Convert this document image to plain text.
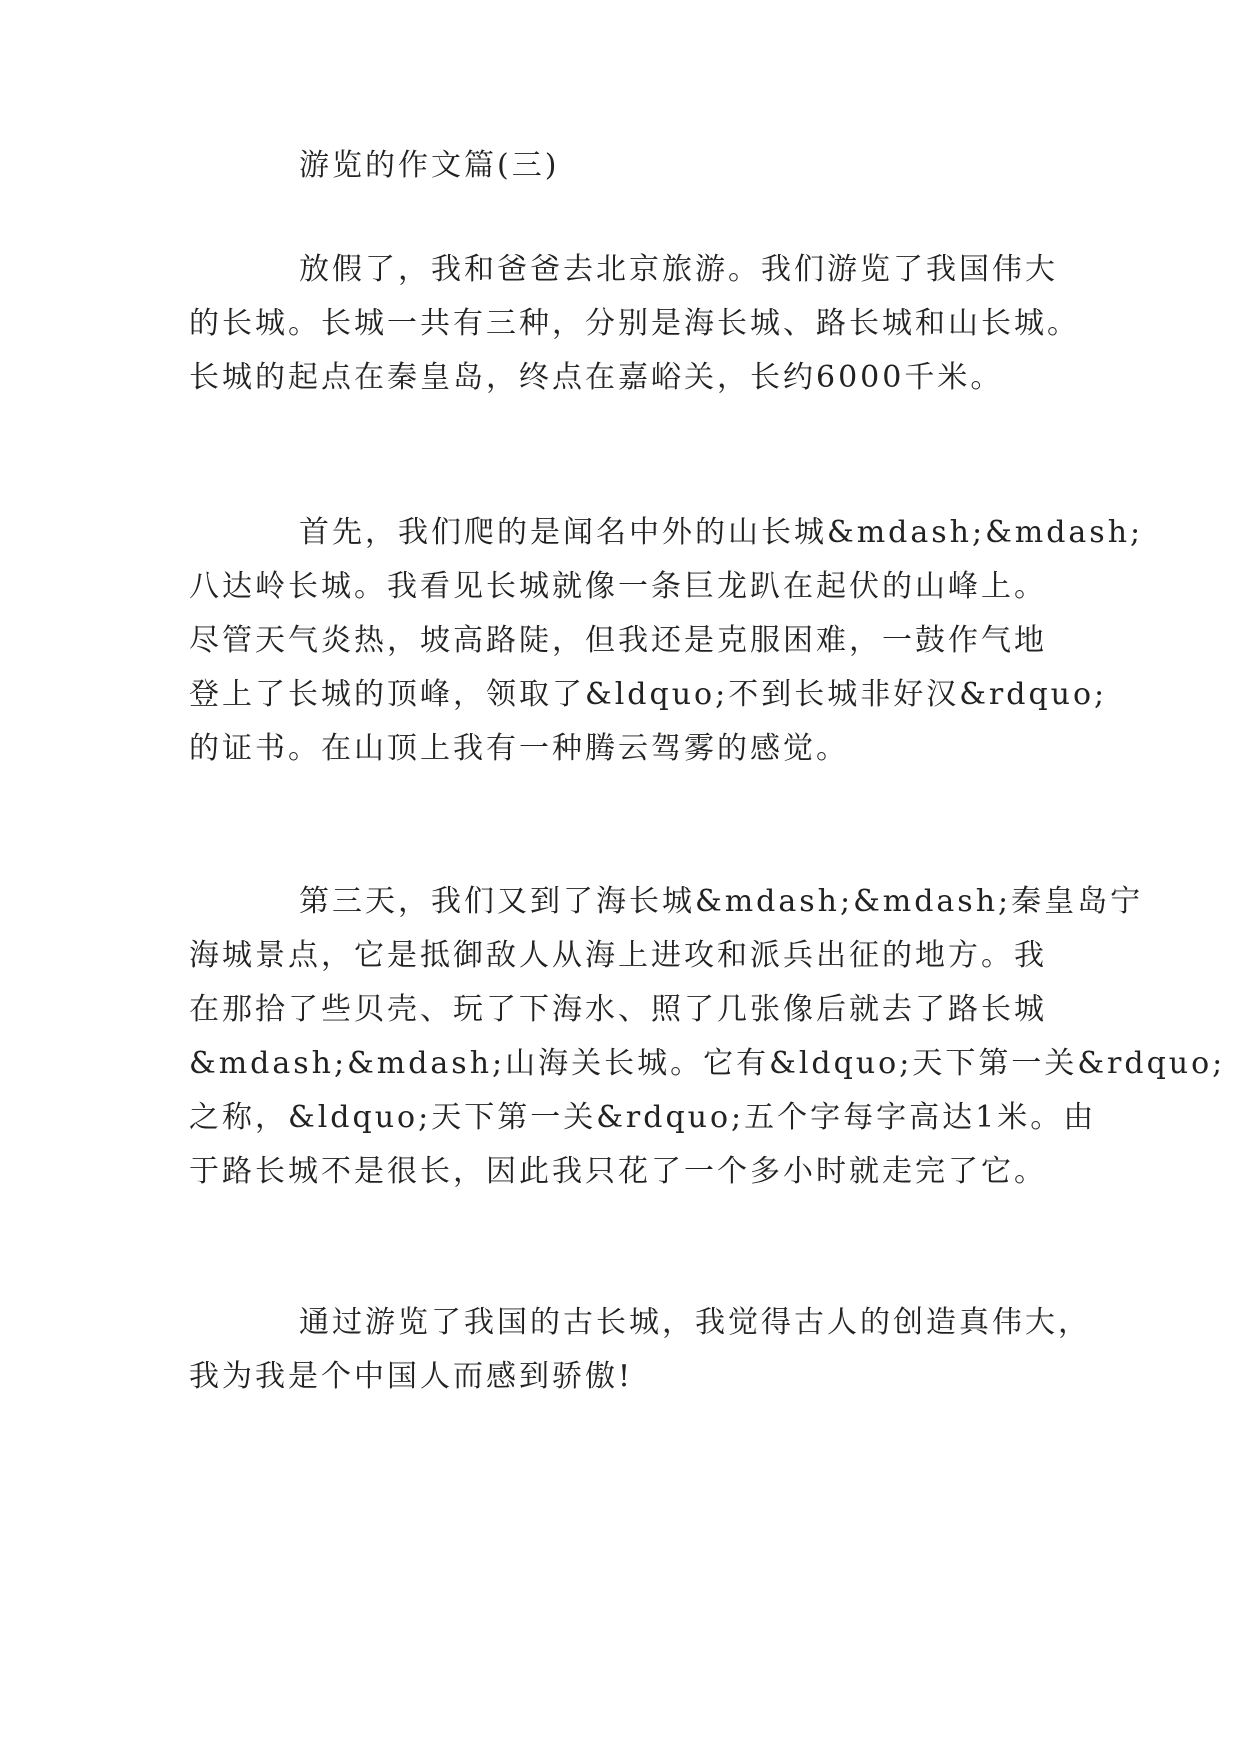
游览的作文篇(三)
放假了，我和爸爸去北京旅游。我们游览了我国伟大
的长城。长城一共有三种，分别是海长城、路长城和山长城。
长城的起点在秦皇岛，终点在嘉峪关，长约6000千米。
首先，我们爬的是闻名中外的山长城&mdash;&mdash;
八达岭长城。我看见长城就像一条巨龙趴在起伏的山峰上。
尽管天气炎热，坡高路陡，但我还是克服困难，一鼓作气地
登上了长城的顶峰，领取了&ldquo;不到长城非好汉&rdquo;
的证书。在山顶上我有一种腾云驾雾的感觉。
第三天，我们又到了海长城&mdash;&mdash;秦皇岛宁
海城景点，它是抵御敌人从海上进攻和派兵出征的地方。我
在那拾了些贝壳、玩了下海水、照了几张像后就去了路长城
&mdash;&mdash;山海关长城。它有&ldquo;天下第一关&rdquo;
之称，&ldquo;天下第一关&rdquo;五个字每字高达1米。由
于路长城不是很长，因此我只花了一个多小时就走完了它。
通过游览了我国的古长城，我觉得古人的创造真伟大，
我为我是个中国人而感到骄傲!
